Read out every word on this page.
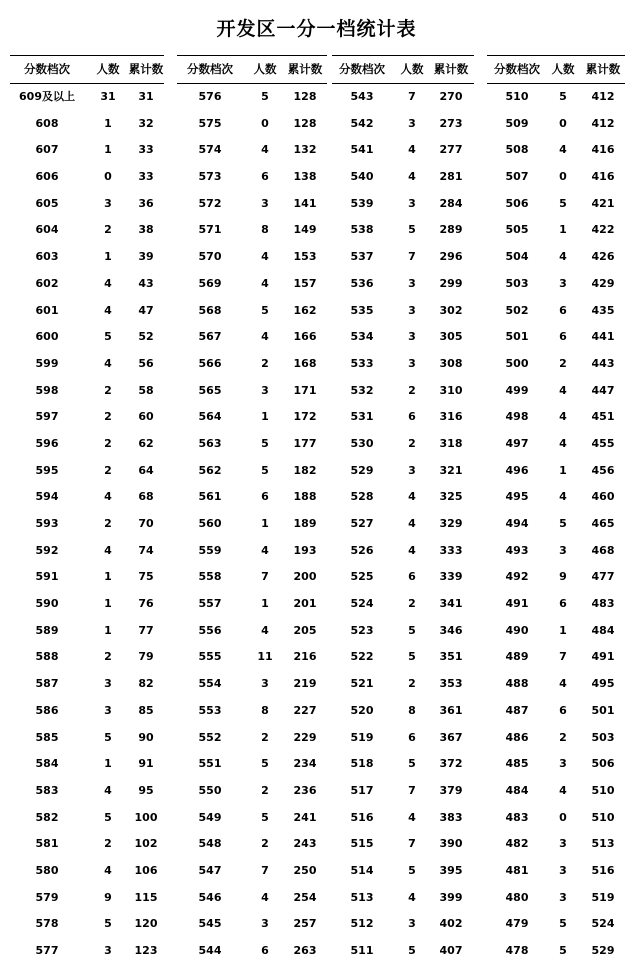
开发区一分一档统计表
分数档次	人数 累计数
609及以上	31	31
608	1	32
607	1	33
606	0	33
605	3	36
604	2	38
603	1	39
602	4	43
601	4	47
600	5	52
599	4	56
598	2	58
597	2	60
596	2	62
595	2	64
594	4	68
593	2	70
592	4	74
591	1	75
590	1	76
589	1	77
588	2	79
587	3	82
586	3	85
585	5	90
584	1	91
583	4	95
582	5	100
581	2	102
580	4	106
579	9	115
578	5	120
577	3	123
分数档次	人数 累计数
576	5	128
575	0	128
574	4	132
573	6	138
572	3	141
571	8	149
570	4	153
569	4	157
568	5	162
567	4	166
566	2	168
565	3	171
564	1	172
563	5	177
562	5	182
561	6	188
560	1	189
559	4	193
558	7	200
557	1	201
556	4	205
555	11	216
554	3	219
553	8	227
552	2	229
551	5	234
550	2	236
549	5	241
548	2	243
547	7	250
546	4	254
545	3	257
544	6	263
分数档次	人数 累计数
543	7	270
542	3	273
541	4	277
540	4	281
539	3	284
538	5	289
537	7	296
536	3	299
535	3	302
534	3	305
533	3	308
532	2	310
531	6	316
530	2	318
529	3	321
528	4	325
527	4	329
526	4	333
525	6	339
524	2	341
523	5	346
522	5	351
521	2	353
520	8	361
519	6	367
518	5	372
517	7	379
516	4	383
515	7	390
514	5	395
513	4	399
512	3	402
511	5	407
分数档次	人数 累计数
510	5	412
509	0	412
508	4	416
507	0	416
506	5	421
505	1	422
504	4	426
503	3	429
502	6	435
501	6	441
500	2	443
499	4	447
498	4	451
497	4	455
496	1	456
495	4	460
494	5	465
493	3	468
492	9	477
491	6	483
490	1	484
489	7	491
488	4	495
487	6	501
486	2	503
485	3	506
484	4	510
483	0	510
482	3	513
481	3	516
480	3	519
479	5	524
478	5	529
